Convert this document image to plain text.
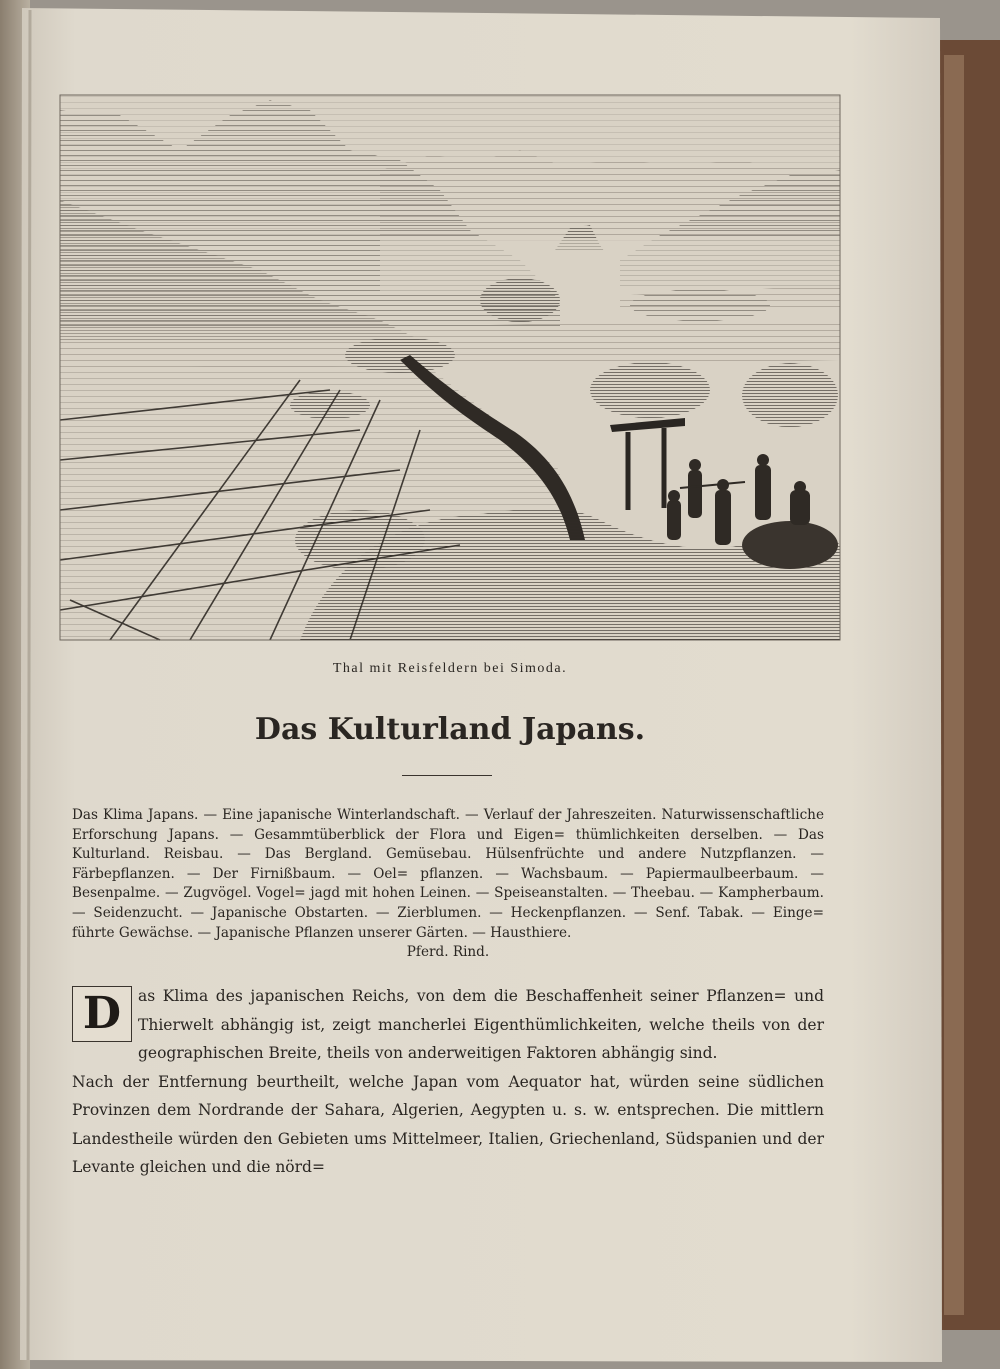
Thal mit Reisfeldern bei Simoda.
Das Kulturland Japans.
Das Klima Japans. — Eine japanische Winterlandschaft. — Verlauf der Jahreszeiten. Naturwissenschaftliche Erforschung Japans. — Gesammtüberblick der Flora und Eigen= thümlichkeiten derselben. — Das Kulturland. Reisbau. — Das Bergland. Gemüsebau. Hülsenfrüchte und andere Nutzpflanzen. — Färbepflanzen. — Der Firnißbaum. — Oel= pflanzen. — Wachsbaum. — Papiermaulbeerbaum. — Besenpalme. — Zugvögel. Vogel= jagd mit hohen Leinen. — Speiseanstalten. — Theebau. — Kampherbaum. — Seidenzucht. — Japanische Obstarten. — Zierblumen. — Heckenpflanzen. — Senf. Tabak. — Einge= führte Gewächse. — Japanische Pflanzen unserer Gärten. — Hausthiere.
Pferd. Rind.

D	as Klima des japanischen Reichs, von dem die Beschaffenheit seiner Pflanzen= und Thierwelt abhängig ist, zeigt mancherlei Eigenthümlichkeiten, welche theils von der geographischen Breite, theils von anderweitigen Faktoren abhängig sind.

Nach der Entfernung beurtheilt, welche Japan vom Aequator hat, würden seine südlichen Provinzen dem Nordrande der Sahara, Algerien, Aegypten u. s. w. entsprechen. Die mittlern Landestheile würden den Gebieten ums Mittelmeer, Italien, Griechenland, Südspanien und der Levante gleichen und die nörd=
